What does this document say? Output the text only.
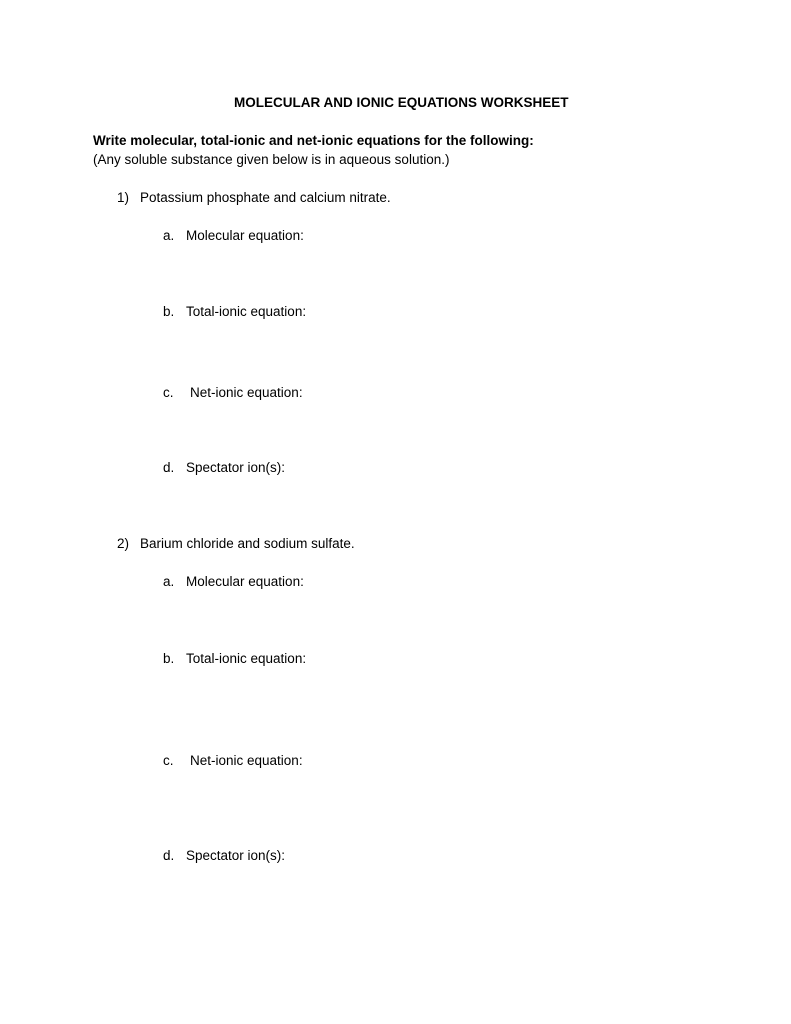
MOLECULAR AND IONIC EQUATIONS WORKSHEET
Write molecular, total-ionic and net-ionic equations for the following:
(Any soluble substance given below is in aqueous solution.)
1) Potassium phosphate and calcium nitrate.
a. Molecular equation:
b. Total-ionic equation:
c. Net-ionic equation:
d. Spectator ion(s):
2) Barium chloride and sodium sulfate.
a. Molecular equation:
b. Total-ionic equation:
c. Net-ionic equation:
d. Spectator ion(s):
